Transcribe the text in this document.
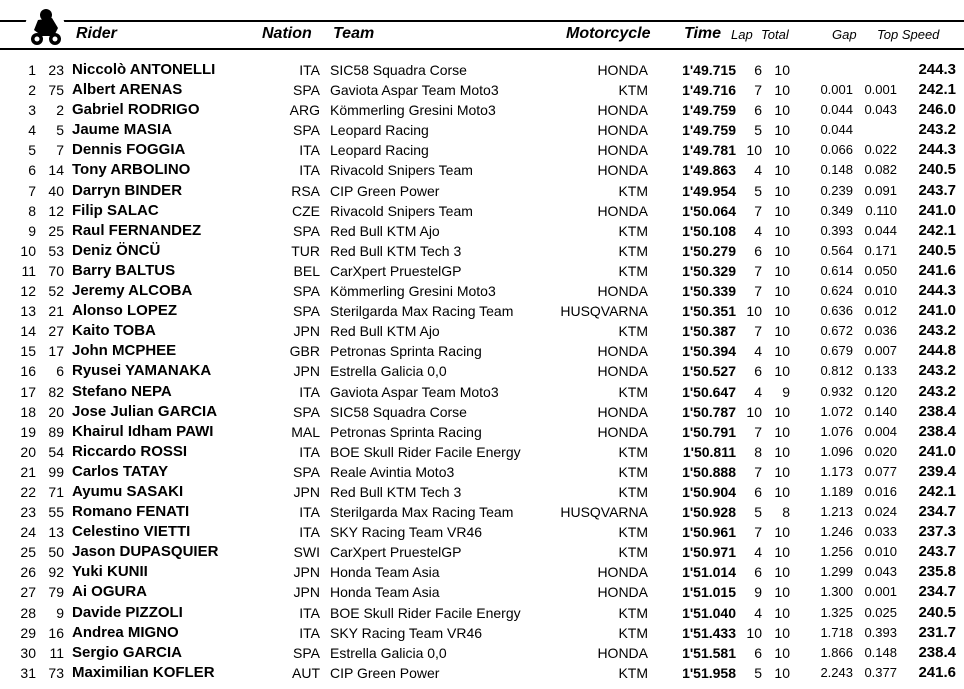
Rider	Nation Team	Motorcycle Time Lap Total	Gap Top Speed
1 23 Niccolò ANTONELLI	ITA SIC58 Squadra Corse	HONDA	1'49.715	6 10	244.3
2 75 Albert ARENAS	SPA Gaviota Aspar Team Moto3	KTM	1'49.716	7 10	0.001 0.001	242.1
3	2 Gabriel RODRIGO	ARG Kömmerling Gresini Moto3	HONDA	1'49.759	6 10	0.044 0.043	246.0
4	5 Jaume MASIA	SPA Leopard Racing	HONDA	1'49.759	5 10	0.044	243.2
5	7 Dennis FOGGIA	ITA Leopard Racing	HONDA	1'49.781 10 10	0.066 0.022	244.3
6 14 Tony ARBOLINO	ITA Rivacold Snipers Team	HONDA	1'49.863	4 10	0.148 0.082	240.5
7 40 Darryn BINDER	RSA CIP Green Power	KTM	1'49.954	5 10	0.239 0.091	243.7
8 12 Filip SALAC	CZE Rivacold Snipers Team	HONDA	1'50.064	7 10	0.349 0.110	241.0
9 25 Raul FERNANDEZ	SPA Red Bull KTM Ajo	KTM	1'50.108	4 10	0.393 0.044	242.1
10 53 Deniz ÖNCÜ	TUR Red Bull KTM Tech 3	KTM	1'50.279	6 10	0.564 0.171	240.5
11 70 Barry BALTUS	BEL CarXpert PruestelGP	KTM	1'50.329	7 10	0.614 0.050	241.6
12 52 Jeremy ALCOBA	SPA Kömmerling Gresini Moto3	HONDA	1'50.339	7 10	0.624 0.010	244.3
13 21 Alonso LOPEZ	SPA Sterilgarda Max Racing Team	HUSQVARNA	1'50.351 10 10	0.636 0.012	241.0
14 27 Kaito TOBA	JPN Red Bull KTM Ajo	KTM	1'50.387	7 10	0.672 0.036	243.2
15 17 John MCPHEE	GBR Petronas Sprinta Racing	HONDA	1'50.394	4 10	0.679 0.007	244.8
16	6 Ryusei YAMANAKA	JPN Estrella Galicia 0,0	HONDA	1'50.527	6 10	0.812 0.133	243.2
17 82 Stefano NEPA	ITA Gaviota Aspar Team Moto3	KTM	1'50.647	4	9	0.932 0.120	243.2
18 20 Jose Julian GARCIA	SPA SIC58 Squadra Corse	HONDA	1'50.787 10 10	1.072 0.140	238.4
19 89 Khairul Idham PAWI	MAL Petronas Sprinta Racing	HONDA	1'50.791	7 10	1.076 0.004	238.4
20 54 Riccardo ROSSI	ITA BOE Skull Rider Facile Energy	KTM	1'50.811	8 10	1.096 0.020	241.0
21 99 Carlos TATAY	SPA Reale Avintia Moto3	KTM	1'50.888	7 10	1.173 0.077	239.4
22 71 Ayumu SASAKI	JPN Red Bull KTM Tech 3	KTM	1'50.904	6 10	1.189 0.016	242.1
23 55 Romano FENATI	ITA Sterilgarda Max Racing Team	HUSQVARNA	1'50.928	5	8	1.213 0.024	234.7
24 13 Celestino VIETTI	ITA SKY Racing Team VR46	KTM	1'50.961	7 10	1.246 0.033	237.3
25 50 Jason DUPASQUIER	SWI CarXpert PruestelGP	KTM	1'50.971	4 10	1.256 0.010	243.7
26 92 Yuki KUNII	JPN Honda Team Asia	HONDA	1'51.014	6 10	1.299 0.043	235.8
27 79 Ai OGURA	JPN Honda Team Asia	HONDA	1'51.015	9 10	1.300 0.001	234.7
28	9 Davide PIZZOLI	ITA BOE Skull Rider Facile Energy	KTM	1'51.040	4 10	1.325 0.025	240.5
29 16 Andrea MIGNO	ITA SKY Racing Team VR46	KTM	1'51.433 10 10	1.718 0.393	231.7
30 11 Sergio GARCIA	SPA Estrella Galicia 0,0	HONDA	1'51.581	6 10	1.866 0.148	238.4
31 73 Maximilian KOFLER	AUT CIP Green Power	KTM	1'51.958	5 10	2.243 0.377	241.6
